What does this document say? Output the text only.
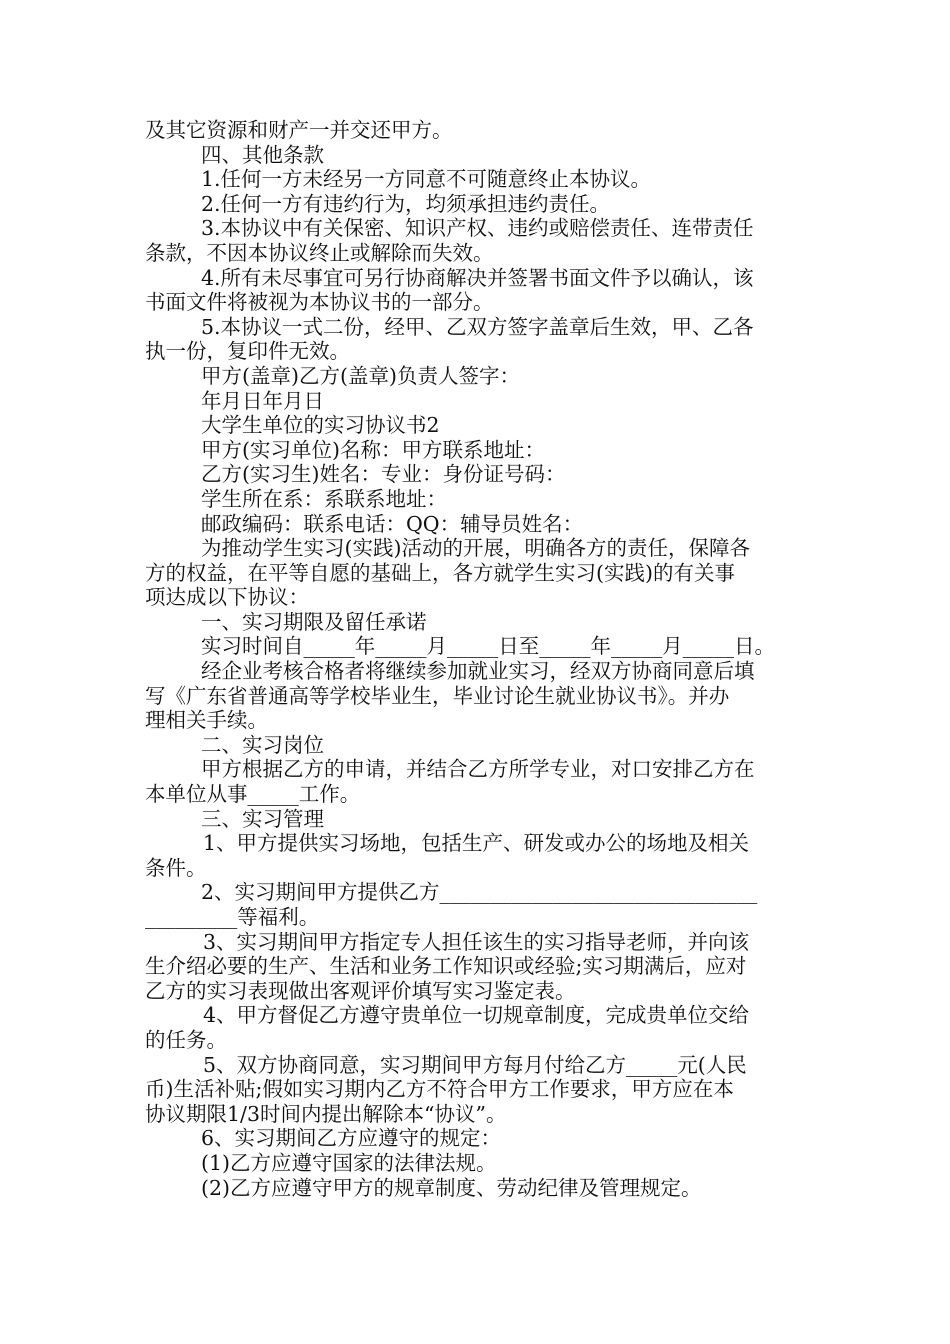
及其它资源和财产一并交还甲方。
四、其他条款
1.任何一方未经另一方同意不可随意终止本协议。
2.任何一方有违约行为，均须承担违约责任。
3.本协议中有关保密、知识产权、违约或赔偿责任、连带责任
条款，不因本协议终止或解除而失效。
4.所有未尽事宜可另行协商解决并签署书面文件予以确认，该
书面文件将被视为本协议书的一部分。
5.本协议一式二份，经甲、乙双方签字盖章后生效，甲、乙各
执一份，复印件无效。
甲方(盖章)乙方(盖章)负责人签字：
年月日年月日
大学生单位的实习协议书2
甲方(实习单位)名称：甲方联系地址：
乙方(实习生)姓名：专业：身份证号码：
学生所在系：系联系地址：
邮政编码：联系电话：QQ：辅导员姓名：
为推动学生实习(实践)活动的开展，明确各方的责任，保障各
方的权益，在平等自愿的基础上，各方就学生实习(实践)的有关事
项达成以下协议：
一、实习期限及留任承诺
实习时间自_____年_____月_____日至_____年_____月_____日。
经企业考核合格者将继续参加就业实习，经双方协商同意后填
写《广东省普通高等学校毕业生，毕业讨论生就业协议书》。并办
理相关手续。
二、实习岗位
甲方根据乙方的申请，并结合乙方所学专业，对口安排乙方在
本单位从事_____工作。
三、实习管理
1、甲方提供实习场地，包括生产、研发或办公的场地及相关
条件。
2、实习期间甲方提供乙方_______________________________
_________等福利。
3、实习期间甲方指定专人担任该生的实习指导老师，并向该
生介绍必要的生产、生活和业务工作知识或经验;实习期满后，应对
乙方的实习表现做出客观评价填写实习鉴定表。
4、甲方督促乙方遵守贵单位一切规章制度，完成贵单位交给
的任务。
5、双方协商同意，实习期间甲方每月付给乙方_____元(人民
币)生活补贴;假如实习期内乙方不符合甲方工作要求，甲方应在本
协议期限1/3时间内提出解除本“协议”。
6、实习期间乙方应遵守的规定：
(1)乙方应遵守国家的法律法规。
(2)乙方应遵守甲方的规章制度、劳动纪律及管理规定。
